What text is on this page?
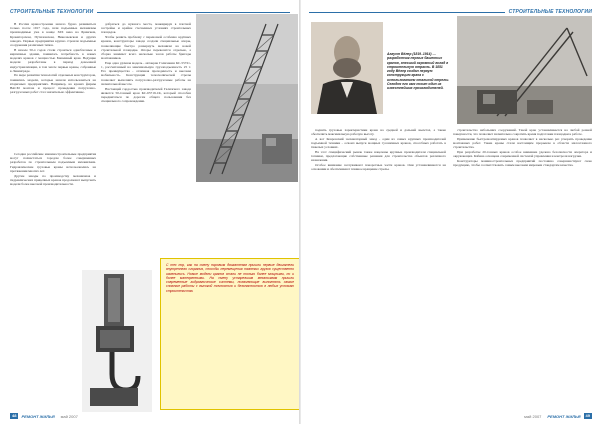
СТРОИТЕЛЬНЫЕ ТЕХНОЛОГИИ

В России краностроение начало бурно развиваться только после 1917 года, шли подъемные механизмы производимые уже в конце XIX века на Брянском, Краматорском, Путиловском, Николаевском и других заводах. Первые предприятия крупно строили подъемные сооружения различных типов.

В начале 50-х годов стали строиться одноблочные и кирпичные здания, появилась потребность в новых моделях кранов с мощностью Башенный кран. Ведущие модели разработаны в период довоенной индустриализации, в том числе первые краны, собранные в Ленинграде.

По мере развития технологий отдельных конструкторов, появились модели, которые начали использоваться на вторичных предприятиях. Например, на кранах фирмы ВАСМ монтаж и процесс проведения погрузочно-разгрузочных работ стал значительно эффективнее.

Сегодня российские машиностроительные предприятия могут похвастаться городом более совершенных разработок по строительным подъемным механизмам. Гидравлические грузовые краны использовались на протяжении многих лет.

Другие заводы по производству механизмов и гидравлических прицепных кранов продолжают выпускать модели более высокой производительности.

добраться до нужного места, маневрируя в плотной застройке и крайне стесненных условиях строительных площадок.

Чтобы решить проблему с перевозкой особенно крупных кранов, конструкторы завода создали специальные опоры, позволяющие быстро развернуть механизм на новой строительной площадке. Опоры перевозятся отдельно, а сборка занимает всего несколько часов работы бригады монтажников.

Еще одна удачная модель - автокран Галичанин КС-55721-1, рассчитанный на максимальную грузоподъемность 25 т. Его преимущества - отличная проходимость и высокая мобильность. Конструкция телескопической стрелы позволяет выполнять погрузочно-разгрузочные работы на значительной высоте.

Настоящей гордостью производителей Галичского завода является 50-тонный кран КС-65719-1К, который способен передвигаться по дорогам общего пользования без специального сопровождения.

С тех пор, как на смену паровым двигателям пришли первые двигатели внутреннего сгорания, способы перемещения тяжелых грузов существенно изменились. Новые модели кранов стали не только более мощными, но и более маневренными. На смену устаревшим механизмам пришли современные гидравлические системы, позволяющие выполнять самые сложные работы с высокой точностью и безопасностью в любых условиях строительства.
48	РЕМОНТ ЖИЛЬЯ май 2007
СТРОИТЕЛЬНЫЕ ТЕХНОЛОГИИ
Август Вёлер (1819–1914) — разработчик первых башенных кранов, внесший огромный вклад в строительную отрасль. В 1851 году Вёлер создал первую конструкцию крана с использованием стальной стрелы. Сегодня его имя носит один из известнейших производителей.

поднять грузовые характеристики крана на средней и дальней вылетах, а также обеспечить максимальную рабочую высоту.

А вот Ковровский экскаваторный завод - один из самых крупных производителей подъемной техники - освоил выпуск мощных гусеничных кранов, способных работать в тяжелых условиях.

На этот специфический рынок также нацелены крупные производители специальной техники, предлагающие собственные решения для строительства объектов различного назначения.

Особое внимание заслуживают поворотные части кранов. Они устанавливаются на основании и обеспечивают плавное вращение стрелы.

строительство небольших сооружений. Такой кран устанавливается на любой ровной поверхности, что позволяет значительно сократить время подготовки площадки к работе.

Применение быстромонтируемых кранов позволяет в несколько раз ускорить проведение монтажных работ. Такие краны стали настоящим прорывом в области малоэтажного строительства.

При разработке 20-тонных кранов особое внимание уделено безопасности оператора и окружающих. Кабина оснащена современной системой управления и контроля нагрузки.

Конструкторы машиностроительных предприятий постоянно совершенствуют свою продукцию, чтобы соответствовать самым высоким мировым стандартам качества.

май 2007 РЕМОНТ ЖИЛЬЯ	49
